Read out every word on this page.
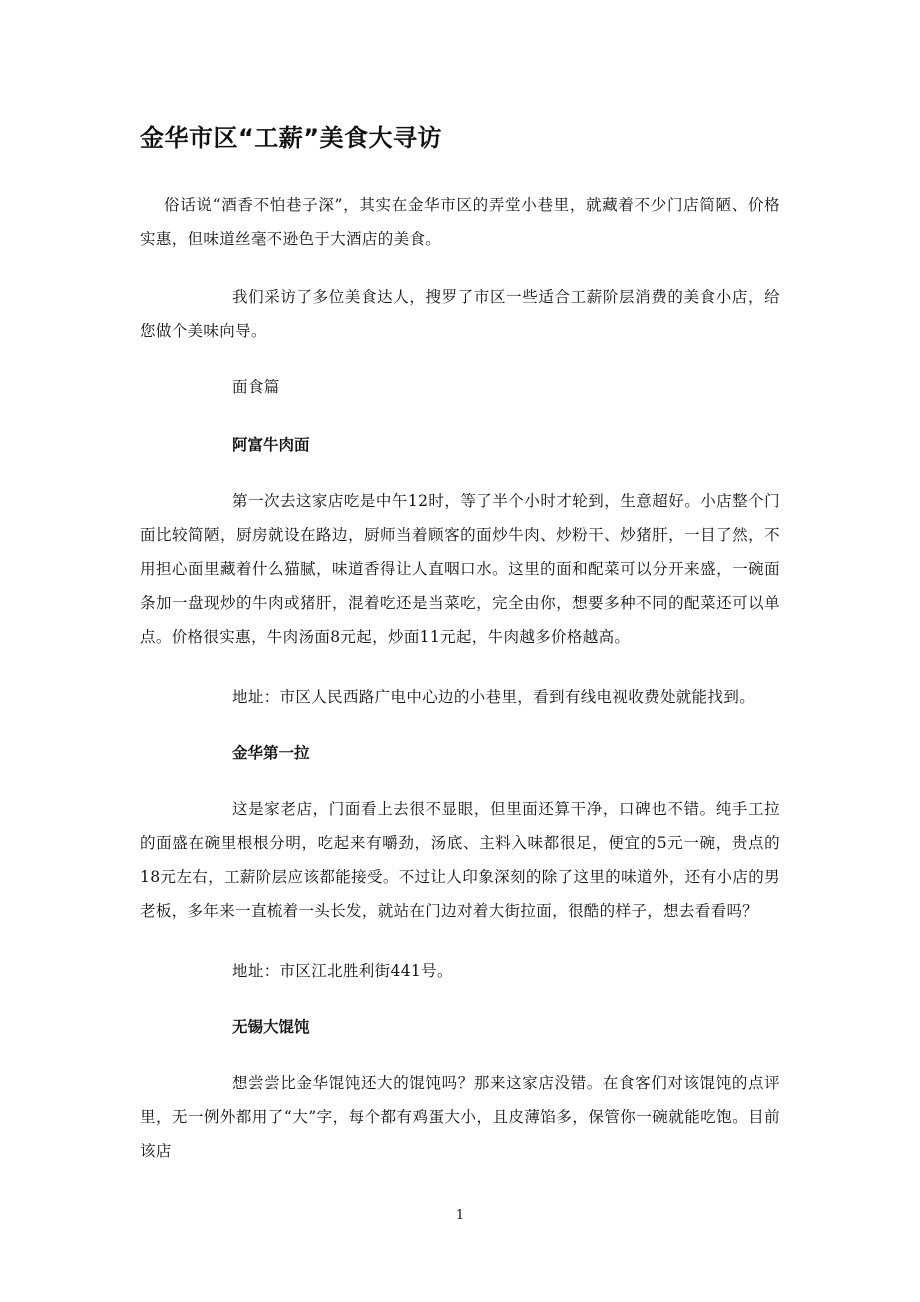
金华市区“工薪”美食大寻访
俗话说“酒香不怕巷子深”，其实在金华市区的弄堂小巷里，就藏着不少门店简陋、价格实惠，但味道丝毫不逊色于大酒店的美食。
我们采访了多位美食达人，搜罗了市区一些适合工薪阶层消费的美食小店，给您做个美味向导。
面食篇
阿富牛肉面
第一次去这家店吃是中午12时，等了半个小时才轮到，生意超好。小店整个门面比较简陋，厨房就设在路边，厨师当着顾客的面炒牛肉、炒粉干、炒猪肝，一目了然，不用担心面里藏着什么猫腻，味道香得让人直咽口水。这里的面和配菜可以分开来盛，一碗面条加一盘现炒的牛肉或猪肝，混着吃还是当菜吃，完全由你，想要多种不同的配菜还可以单点。价格很实惠，牛肉汤面8元起，炒面11元起，牛肉越多价格越高。
地址：市区人民西路广电中心边的小巷里，看到有线电视收费处就能找到。
金华第一拉
这是家老店，门面看上去很不显眼，但里面还算干净，口碑也不错。纯手工拉的面盛在碗里根根分明，吃起来有嚼劲，汤底、主料入味都很足，便宜的5元一碗，贵点的18元左右，工薪阶层应该都能接受。不过让人印象深刻的除了这里的味道外，还有小店的男老板，多年来一直梳着一头长发，就站在门边对着大街拉面，很酷的样子，想去看看吗？
地址：市区江北胜利街441号。
无锡大馄饨
想尝尝比金华馄饨还大的馄饨吗？那来这家店没错。在食客们对该馄饨的点评里，无一例外都用了“大”字，每个都有鸡蛋大小，且皮薄馅多，保管你一碗就能吃饱。目前该店
1
